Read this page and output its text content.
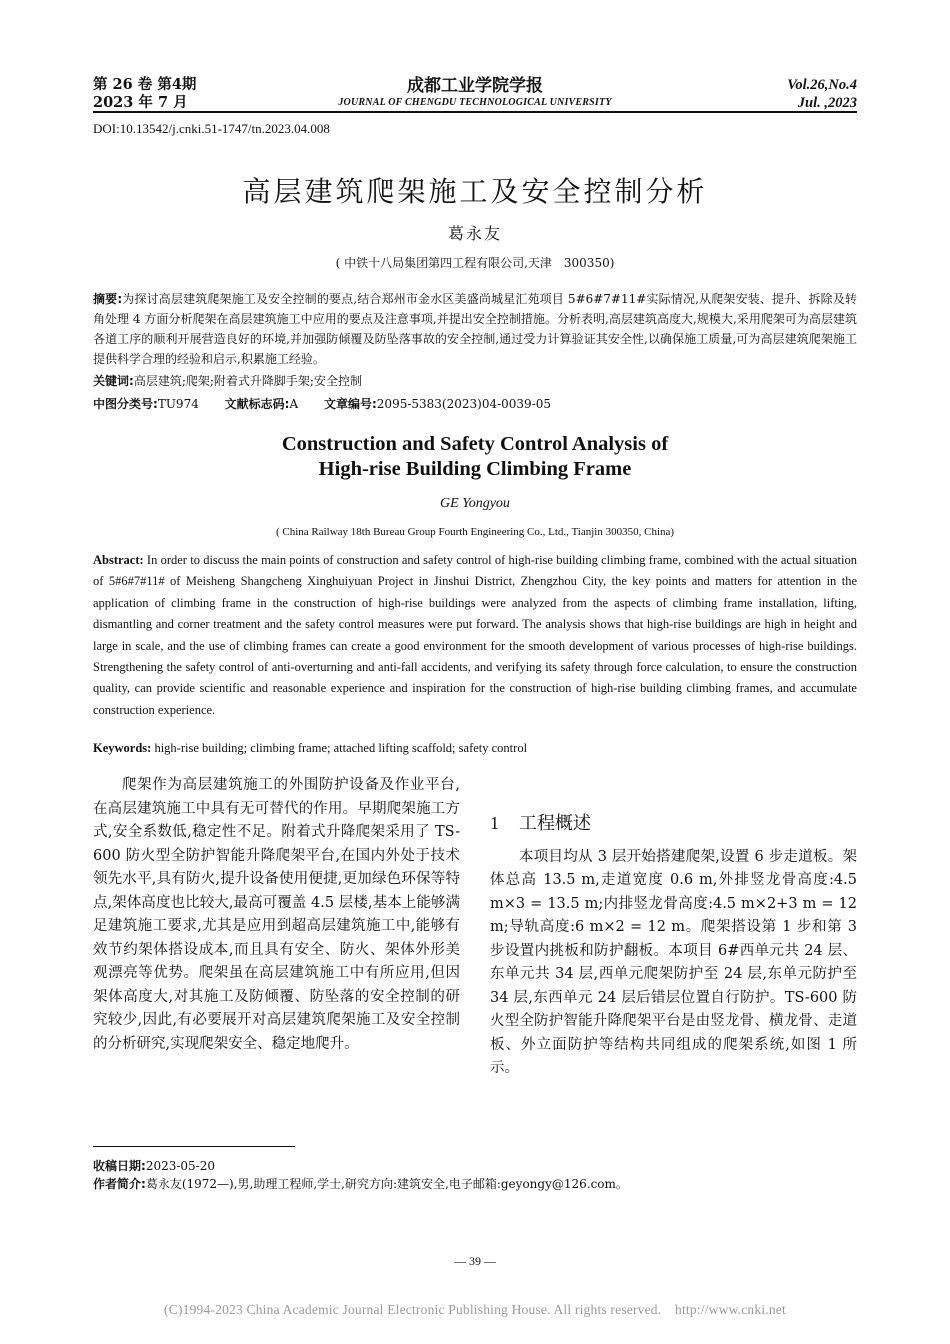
第 26 卷 第4期
2023 年 7 月
成都工业学院学报
JOURNAL OF CHENGDU TECHNOLOGICAL UNIVERSITY
Vol.26,No.4
Jul. ,2023
DOI:10.13542/j.cnki.51-1747/tn.2023.04.008
高层建筑爬架施工及安全控制分析
葛永友
( 中铁十八局集团第四工程有限公司,天津　300350)
摘要:为探讨高层建筑爬架施工及安全控制的要点,结合郑州市金水区美盛尚城星汇苑项目 5#6#7#11#实际情况,从爬架安装、提升、拆除及转角处理 4 方面分析爬架在高层建筑施工中应用的要点及注意事项,并提出安全控制措施。分析表明,高层建筑高度大,规模大,采用爬架可为高层建筑各道工序的顺利开展营造良好的环境,并加强防倾覆及防坠落事故的安全控制,通过受力计算验证其安全性,以确保施工质量,可为高层建筑爬架施工提供科学合理的经验和启示,积累施工经验。
关键词:高层建筑;爬架;附着式升降脚手架;安全控制
中图分类号:TU974 文献标志码:A 文章编号:2095-5383(2023)04-0039-05
Construction and Safety Control Analysis of
High-rise Building Climbing Frame
GE Yongyou
( China Railway 18th Bureau Group Fourth Engineering Co., Ltd., Tianjin 300350, China)
Abstract: In order to discuss the main points of construction and safety control of high-rise building climbing frame, combined with the actual situation of 5#6#7#11# of Meisheng Shangcheng Xinghuiyuan Project in Jinshui District, Zhengzhou City, the key points and matters for attention in the application of climbing frame in the construction of high-rise buildings were analyzed from the aspects of climbing frame installation, lifting, dismantling and corner treatment and the safety control measures were put forward. The analysis shows that high-rise buildings are high in height and large in scale, and the use of climbing frames can create a good environment for the smooth development of various processes of high-rise buildings. Strengthening the safety control of anti-overturning and anti-fall accidents, and verifying its safety through force calculation, to ensure the construction quality, can provide scientific and reasonable experience and inspiration for the construction of high-rise building climbing frames, and accumulate construction experience.
Keywords: high-rise building; climbing frame; attached lifting scaffold; safety control

爬架作为高层建筑施工的外围防护设备及作业平台,在高层建筑施工中具有无可替代的作用。早期爬架施工方式,安全系数低,稳定性不足。附着式升降爬架采用了 TS-600 防火型全防护智能升降爬架平台,在国内外处于技术领先水平,具有防火,提升设备使用便捷,更加绿色环保等特点,架体高度也比较大,最高可覆盖 4.5 层楼,基本上能够满足建筑施工要求,尤其是应用到超高层建筑施工中,能够有效节约架体搭设成本,而且具有安全、防火、架体外形美观漂亮等优势。爬架虽在高层建筑施工中有所应用,但因架体高度大,对其施工及防倾覆、防坠落的安全控制的研究较少,因此,有必要展开对高层建筑爬架施工及安全控制的分析研究,实现爬架安全、稳定地爬升。

1 工程概述

本项目均从 3 层开始搭建爬架,设置 6 步走道板。架体总高 13.5 m,走道宽度 0.6 m,外排竖龙骨高度:4.5 m×3 = 13.5 m;内排竖龙骨高度:4.5 m×2+3 m = 12 m;导轨高度:6 m×2 = 12 m。爬架搭设第 1 步和第 3 步设置内挑板和防护翻板。本项目 6#西单元共 24 层、东单元共 34 层,西单元爬架防护至 24 层,东单元防护至 34 层,东西单元 24 层后错层位置自行防护。TS-600 防火型全防护智能升降爬架平台是由竖龙骨、横龙骨、走道板、外立面防护等结构共同组成的爬架系统,如图 1 所示。

收稿日期:2023-05-20
作者简介:葛永友(1972—),男,助理工程师,学士,研究方向:建筑安全,电子邮箱:geyongy@126.com。
— 39 —
(C)1994-2023 China Academic Journal Electronic Publishing House. All rights reserved.　http://www.cnki.net
